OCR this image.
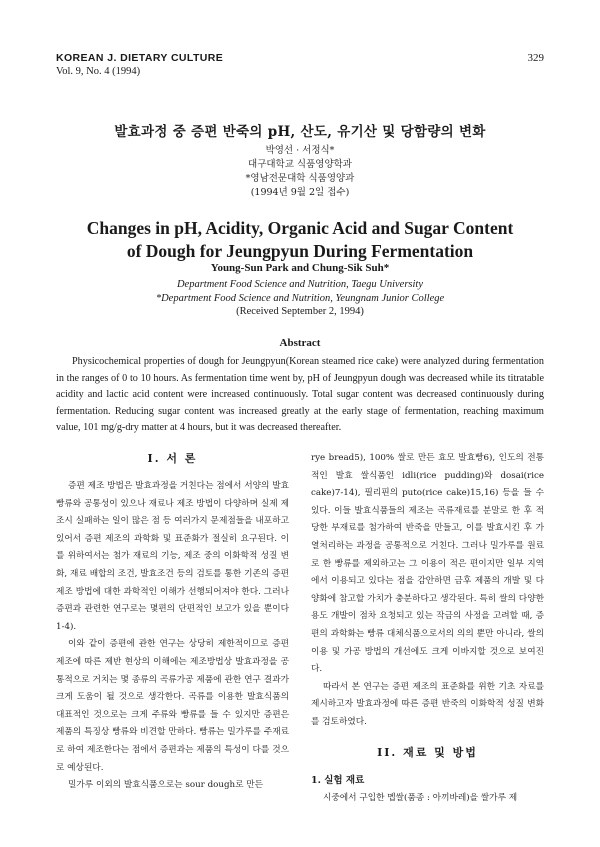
KOREAN J. DIETARY CULTURE
Vol. 9, No. 4 (1994)
329
발효과정 중 증편 반죽의 pH, 산도, 유기산 및 당함량의 변화
박영선 · 서정식*
대구대학교 식품영양학과
*영남전문대학 식품영양과
(1994년 9월 2일 접수)
Changes in pH, Acidity, Organic Acid and Sugar Content
of Dough for Jeungpyun During Fermentation
Young-Sun Park and Chung-Sik Suh*
Department Food Science and Nutrition, Taegu University
*Department Food Science and Nutrition, Yeungnam Junior College
(Received September 2, 1994)
Abstract

Physicochemical properties of dough for Jeungpyun(Korean steamed rice cake) were analyzed during fermentation in the ranges of 0 to 10 hours. As fermentation time went by, pH of Jeungpyun dough was decreased while its titratable acidity and lactic acid content were increased continuously. Total sugar content was decreased continuously during fermentation. Reducing sugar content was increased greatly at the early stage of fermentation, reaching maximum value, 101 mg/g-dry matter at 4 hours, but it was decreased thereafter.

I. 서 론

증편 제조 방법은 발효과정을 거친다는 점에서 서양의 발효 빵류와 공통성이 있으나 재료나 제조 방법이 다양하며 실제 제조시 실패하는 일이 많은 점 등 여러가지 문제점들을 내포하고 있어서 증편 제조의 과학화 및 표준화가 절실히 요구된다. 이를 위하여서는 첨가 재료의 기능, 제조 중의 이화학적 성질 변화, 재료 배합의 조건, 발효조건 등의 검토를 통한 기존의 증편 제조 방법에 대한 과학적인 이해가 선행되어져야 한다. 그러나 증편과 관련한 연구로는 몇편의 단편적인 보고가 있을 뿐이다1-4).

이와 같이 증편에 관한 연구는 상당히 제한적이므로 증편 제조에 따른 제반 현상의 이해에는 제조방법상 발효과정을 공통적으로 거치는 몇 종류의 곡류가공 제품에 관한 연구 결과가 크게 도움이 될 것으로 생각한다. 곡류를 이용한 발효식품의 대표적인 것으로는 크게 주류와 빵류를 들 수 있지만 증편은 제품의 특징상 빵류와 비견할 만하다. 빵류는 밀가루를 주재료로 하여 제조한다는 점에서 증편과는 제품의 특성이 다를 것으로 예상된다.

밀가루 이외의 발효식품으로는 sour dough로 만든

rye bread5), 100% 쌀로 만든 효모 발효빵6), 인도의 전통적인 발효 쌀식품인 idli(rice pudding)와 dosai(rice cake)7-14), 필리핀의 puto(rice cake)15,16) 등을 들 수 있다. 이들 발효식품들의 제조는 곡류재료를 분말로 한 후 적당한 부재료를 첨가하여 반죽을 만들고, 이를 발효시킨 후 가열처리하는 과정을 공통적으로 거친다. 그러나 밀가루를 원료로 한 빵류를 제외하고는 그 이용이 적은 편이지만 일부 지역에서 이용되고 있다는 점을 감안하면 금후 제품의 개발 및 다양화에 참고할 가치가 충분하다고 생각된다. 특히 쌀의 다양한 용도 개발이 점차 요청되고 있는 작금의 사정을 고려할 때, 증편의 과학화는 빵류 대체식품으로서의 의의 뿐만 아니라, 쌀의 이용 및 가공 방법의 개선에도 크게 이바지할 것으로 보여진다.

따라서 본 연구는 증편 제조의 표준화를 위한 기초 자료를 제시하고자 발효과정에 따른 증편 반죽의 이화학적 성질 변화를 검토하였다.

II. 재료 및 방법

1. 실험 재료

시중에서 구입한 멥쌀(품종 : 아끼바레)을 쌀가루 제
